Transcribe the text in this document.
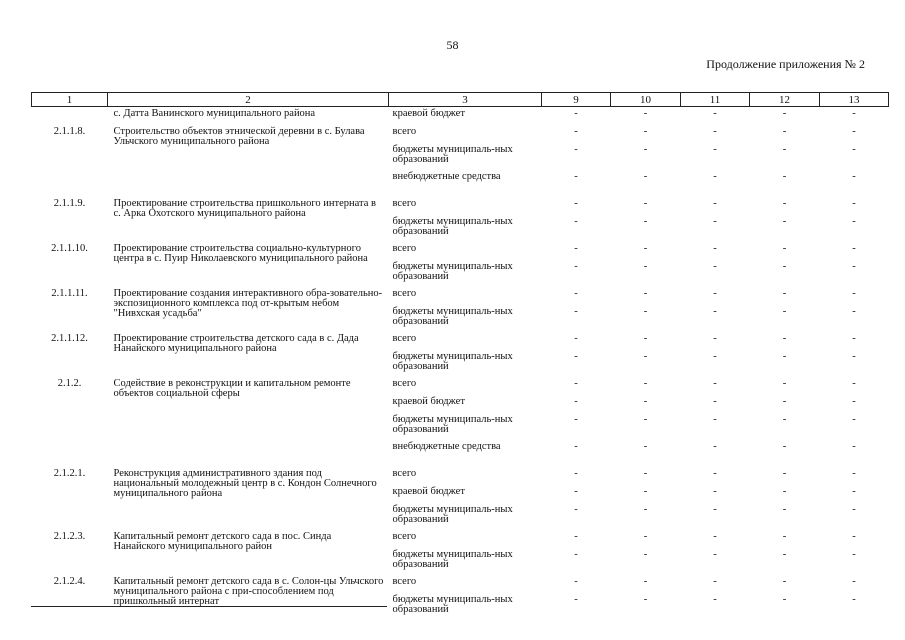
58
Продолжение приложения № 2
1	2	3	9	10	11	12	13
	с. Датта Ванинского муниципального района	краевой бюджет	-	-	-	-	-
2.1.1.8.	Строительство объектов этнической деревни в с. Булава Ульчского муниципального района	всего	-	-	-	-	-
		бюджеты муниципаль-ных образований	-	-	-	-	-
		внебюджетные средства	-	-	-	-	-
2.1.1.9.	Проектирование строительства пришкольного интерната в с. Арка Охотского муниципального района	всего	-	-	-	-	-
		бюджеты муниципаль-ных образований	-	-	-	-	-
2.1.1.10.	Проектирование строительства социально-культурного центра в с. Пуир Николаевского муниципального района	всего	-	-	-	-	-
		бюджеты муниципаль-ных образований	-	-	-	-	-
2.1.1.11.	Проектирование создания интерактивного обра-зовательно-экспозиционного комплекса под от-крытым небом "Нивхская усадьба"	всего	-	-	-	-	-
		бюджеты муниципаль-ных образований	-	-	-	-	-
2.1.1.12.	Проектирование строительства детского сада в с. Дада Нанайского муниципального района	всего	-	-	-	-	-
		бюджеты муниципаль-ных образований	-	-	-	-	-
2.1.2.	Содействие в реконструкции и капитальном ремонте объектов социальной сферы	всего	-	-	-	-	-
		краевой бюджет	-	-	-	-	-
		бюджеты муниципаль-ных образований	-	-	-	-	-
		внебюджетные средства	-	-	-	-	-
2.1.2.1.	Реконструкция административного здания под национальный молодежный центр в с. Кондон Солнечного муниципального района	всего	-	-	-	-	-
		краевой бюджет	-	-	-	-	-
		бюджеты муниципаль-ных образований	-	-	-	-	-
2.1.2.3.	Капитальный ремонт детского сада в пос. Синда Нанайского муниципального район	всего	-	-	-	-	-
		бюджеты муниципаль-ных образований	-	-	-	-	-
2.1.2.4.	Капитальный ремонт детского сада в с. Солон-цы Ульчского муниципального района с при-способлением под пришкольный интернат	всего	-	-	-	-	-
		бюджеты муниципаль-ных образований	-	-	-	-	-
